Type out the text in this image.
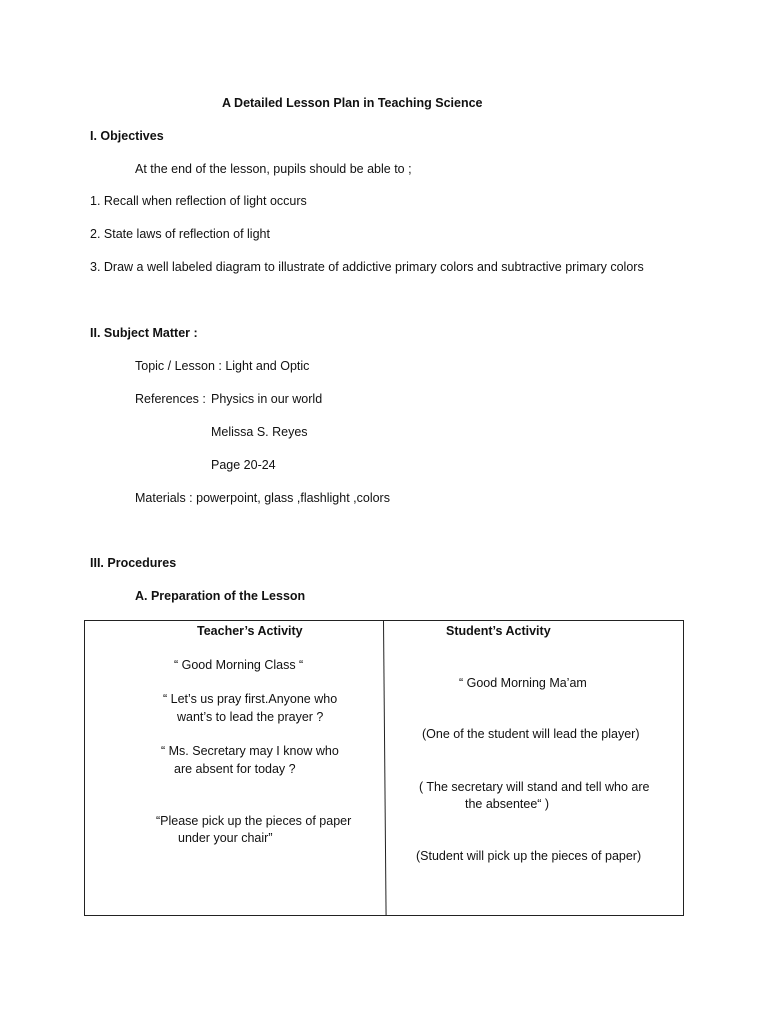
A Detailed Lesson Plan in Teaching Science
I. Objectives
At the end of the lesson, pupils should be able to ;
1. Recall when reflection of light occurs
2. State laws of reflection of light
3. Draw a well labeled diagram to illustrate of addictive primary colors and subtractive primary colors
II. Subject Matter :
Topic / Lesson : Light and Optic
References : Physics in our world
Melissa S. Reyes
Page 20-24
Materials : powerpoint, glass ,flashlight ,colors
III. Procedures
A. Preparation of the Lesson
Teacher’s Activity	Student’s Activity
“ Good Morning Class “
“ Let’s us pray first.Anyone who
want’s to lead the prayer ?
“ Ms. Secretary may I know who
are absent for today ?
“Please pick up the pieces of paper
under your chair”
“ Good Morning Ma’am
(One of the student will lead the player)
( The secretary will stand and tell who are
the absentee“ )
(Student will pick up the pieces of paper)
